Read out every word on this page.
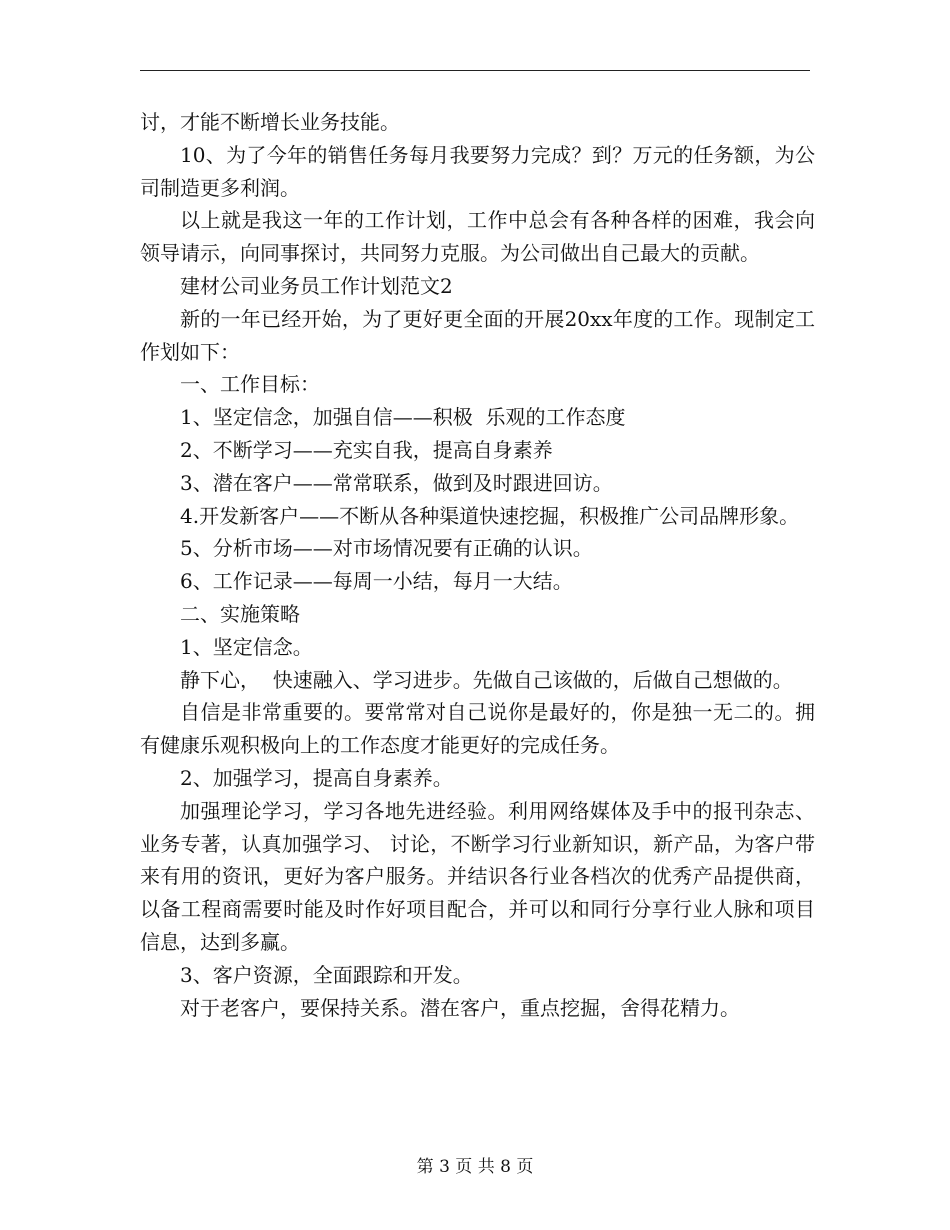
讨，才能不断增长业务技能。

10、为了今年的销售任务每月我要努力完成？到？万元的任务额，为公司制造更多利润。

以上就是我这一年的工作计划，工作中总会有各种各样的困难，我会向领导请示，向同事探讨，共同努力克服。为公司做出自己最大的贡献。

建材公司业务员工作计划范文2

新的一年已经开始，为了更好更全面的开展20xx年度的工作。现制定工作划如下：

一、工作目标：

1、坚定信念，加强自信——积极  乐观的工作态度

2、不断学习——充实自我，提高自身素养

3、潜在客户——常常联系，做到及时跟进回访。

4.开发新客户——不断从各种渠道快速挖掘，积极推广公司品牌形象。

5、分析市场——对市场情况要有正确的认识。

6、工作记录——每周一小结，每月一大结。

二、实施策略

1、坚定信念。

静下心，  快速融入、学习进步。先做自己该做的，后做自己想做的。

自信是非常重要的。要常常对自己说你是最好的，你是独一无二的。拥有健康乐观积极向上的工作态度才能更好的完成任务。

2、加强学习，提高自身素养。

加强理论学习，学习各地先进经验。利用网络媒体及手中的报刊杂志、业务专著，认真加强学习、 讨论，不断学习行业新知识，新产品，为客户带来有用的资讯，更好为客户服务。并结识各行业各档次的优秀产品提供商，以备工程商需要时能及时作好项目配合，并可以和同行分享行业人脉和项目信息，达到多赢。

3、客户资源，全面跟踪和开发。

对于老客户，要保持关系。潜在客户，重点挖掘，舍得花精力。

第 3 页 共 8 页
